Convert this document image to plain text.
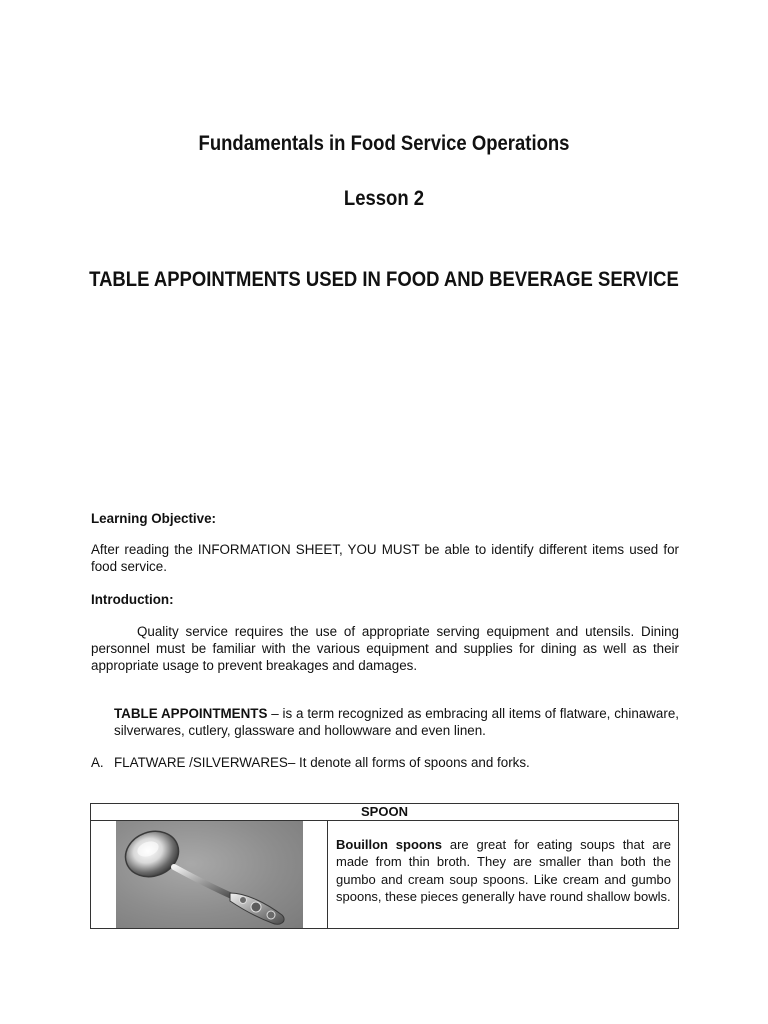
Fundamentals in Food Service Operations
Lesson 2
TABLE APPOINTMENTS USED IN FOOD AND BEVERAGE SERVICE
Learning Objective:
After reading the INFORMATION SHEET, YOU MUST be able to identify different items used for food service.
Introduction:
Quality service requires the use of appropriate serving equipment and utensils. Dining personnel must be familiar with the various equipment and supplies for dining as well as their appropriate usage to prevent breakages and damages.
TABLE APPOINTMENTS – is a term recognized as embracing all items of flatware, chinaware, silverwares, cutlery, glassware and hollowware and even linen.
A. FLATWARE /SILVERWARES– It denote all forms of spoons and forks.
SPOON
Bouillon spoons are great for eating soups that are made from thin broth. They are smaller than both the gumbo and cream soup spoons. Like cream and gumbo spoons, these pieces generally have round shallow bowls.
